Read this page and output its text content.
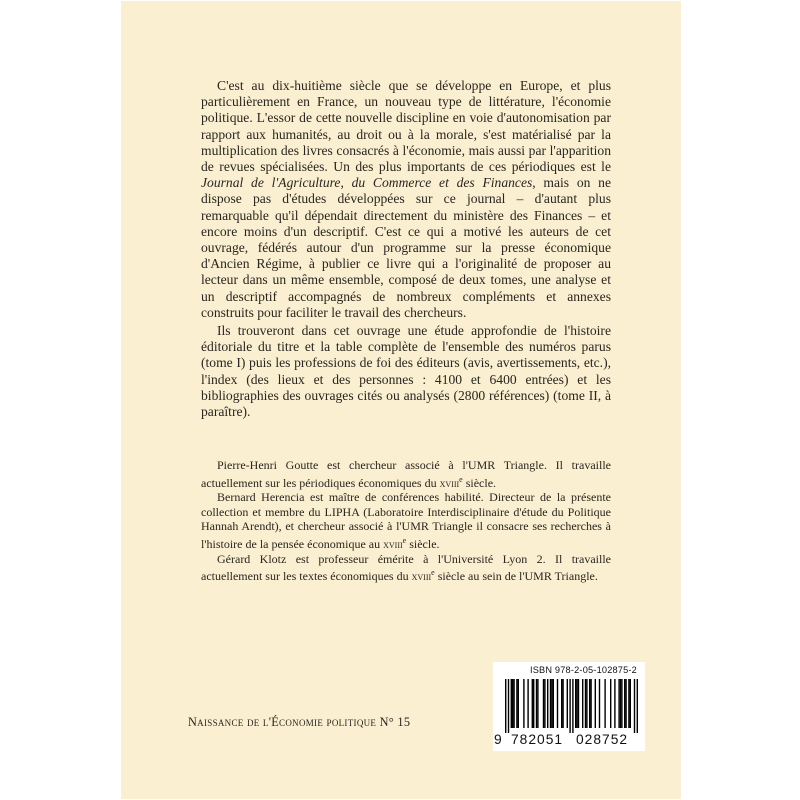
C'est au dix-huitième siècle que se développe en Europe, et plus particulièrement en France, un nouveau type de littérature, l'économie politique. L'essor de cette nouvelle discipline en voie d'autonomisation par rapport aux humanités, au droit ou à la morale, s'est matérialisé par la multiplication des livres consacrés à l'économie, mais aussi par l'apparition de revues spécialisées. Un des plus importants de ces périodiques est le Journal de l'Agriculture, du Commerce et des Finances, mais on ne dispose pas d'études développées sur ce journal – d'autant plus remarquable qu'il dépendait directement du ministère des Finances – et encore moins d'un descriptif. C'est ce qui a motivé les auteurs de cet ouvrage, fédérés autour d'un programme sur la presse économique d'Ancien Régime, à publier ce livre qui a l'originalité de proposer au lecteur dans un même ensemble, composé de deux tomes, une analyse et un descriptif accompagnés de nombreux compléments et annexes construits pour faciliter le travail des chercheurs.

Ils trouveront dans cet ouvrage une étude approfondie de l'histoire éditoriale du titre et la table complète de l'ensemble des numéros parus (tome I) puis les professions de foi des éditeurs (avis, avertissements, etc.), l'index (des lieux et des personnes : 4100 et 6400 entrées) et les bibliographies des ouvrages cités ou analysés (2800 références) (tome II, à paraître).

Pierre-Henri Goutte est chercheur associé à l'UMR Triangle. Il travaille actuellement sur les périodiques économiques du xviii$^e$ siècle.

Bernard Herencia est maître de conférences habilité. Directeur de la présente collection et membre du LIPHA (Laboratoire Interdisciplinaire d'étude du Politique Hannah Arendt), et chercheur associé à l'UMR Triangle il consacre ses recherches à l'histoire de la pensée économique au xviii$^e$ siècle.

Gérard Klotz est professeur émérite à l'Université Lyon 2. Il travaille actuellement sur les textes économiques du xviii$^e$ siècle au sein de l'UMR Triangle.

Naissance de l'Économie politique N° 15
ISBN 978-2-05-102875-2
9 782051 028752
